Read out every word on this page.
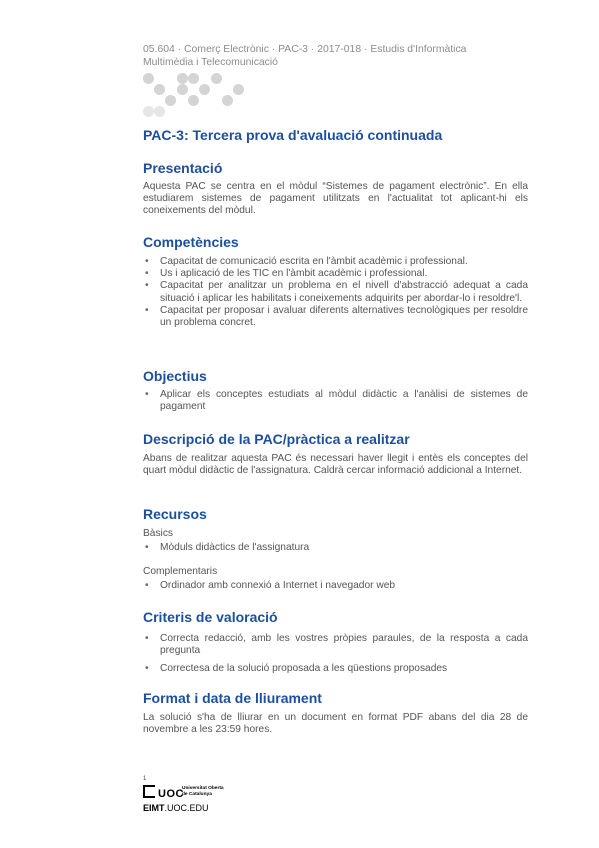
05.604 · Comerç Electrònic · PAC-3 · 2017-018 · Estudis d'Informàtica
Multimèdia i Telecomunicació
PAC-3: Tercera prova d'avaluació continuada
Presentació
Aquesta PAC se centra en el mòdul “Sistemes de pagament electrònic”. En ella estudiarem sistemes de pagament utilitzats en l'actualitat tot aplicant-hi els coneixements del mòdul.
Competències
• Capacitat de comunicació escrita en l'àmbit acadèmic i professional.
• Us i aplicació de les TIC en l'àmbit acadèmic i professional.
• Capacitat per analitzar un problema en el nivell d'abstracció adequat a cada situació i aplicar les habilitats i coneixements adquirits per abordar-lo i resoldre'l.
• Capacitat per proposar i avaluar diferents alternatives tecnològiques per resoldre un problema concret.
Objectius
• Aplicar els conceptes estudiats al mòdul didàctic a l'anàlisi de sistemes de pagament
Descripció de la PAC/pràctica a realitzar
Abans de realitzar aquesta PAC és necessari haver llegit i entès els conceptes del quart mòdul didàctic de l'assignatura. Caldrà cercar informació addicional a Internet.
Recursos
Bàsics
• Mòduls didàctics de l'assignatura
Complementaris
• Ordinador amb connexió a Internet i navegador web
Criteris de valoració
• Correcta redacció, amb les vostres pròpies paraules, de la resposta a cada pregunta
• Correctesa de la solució proposada a les qüestions proposades
Format i data de lliurament
La solució s'ha de lliurar en un document en format PDF abans del dia 28 de novembre a les 23:59 hores.
1
UOC
Universitat Oberta
de Catalunya
EIMT.UOC.EDU
